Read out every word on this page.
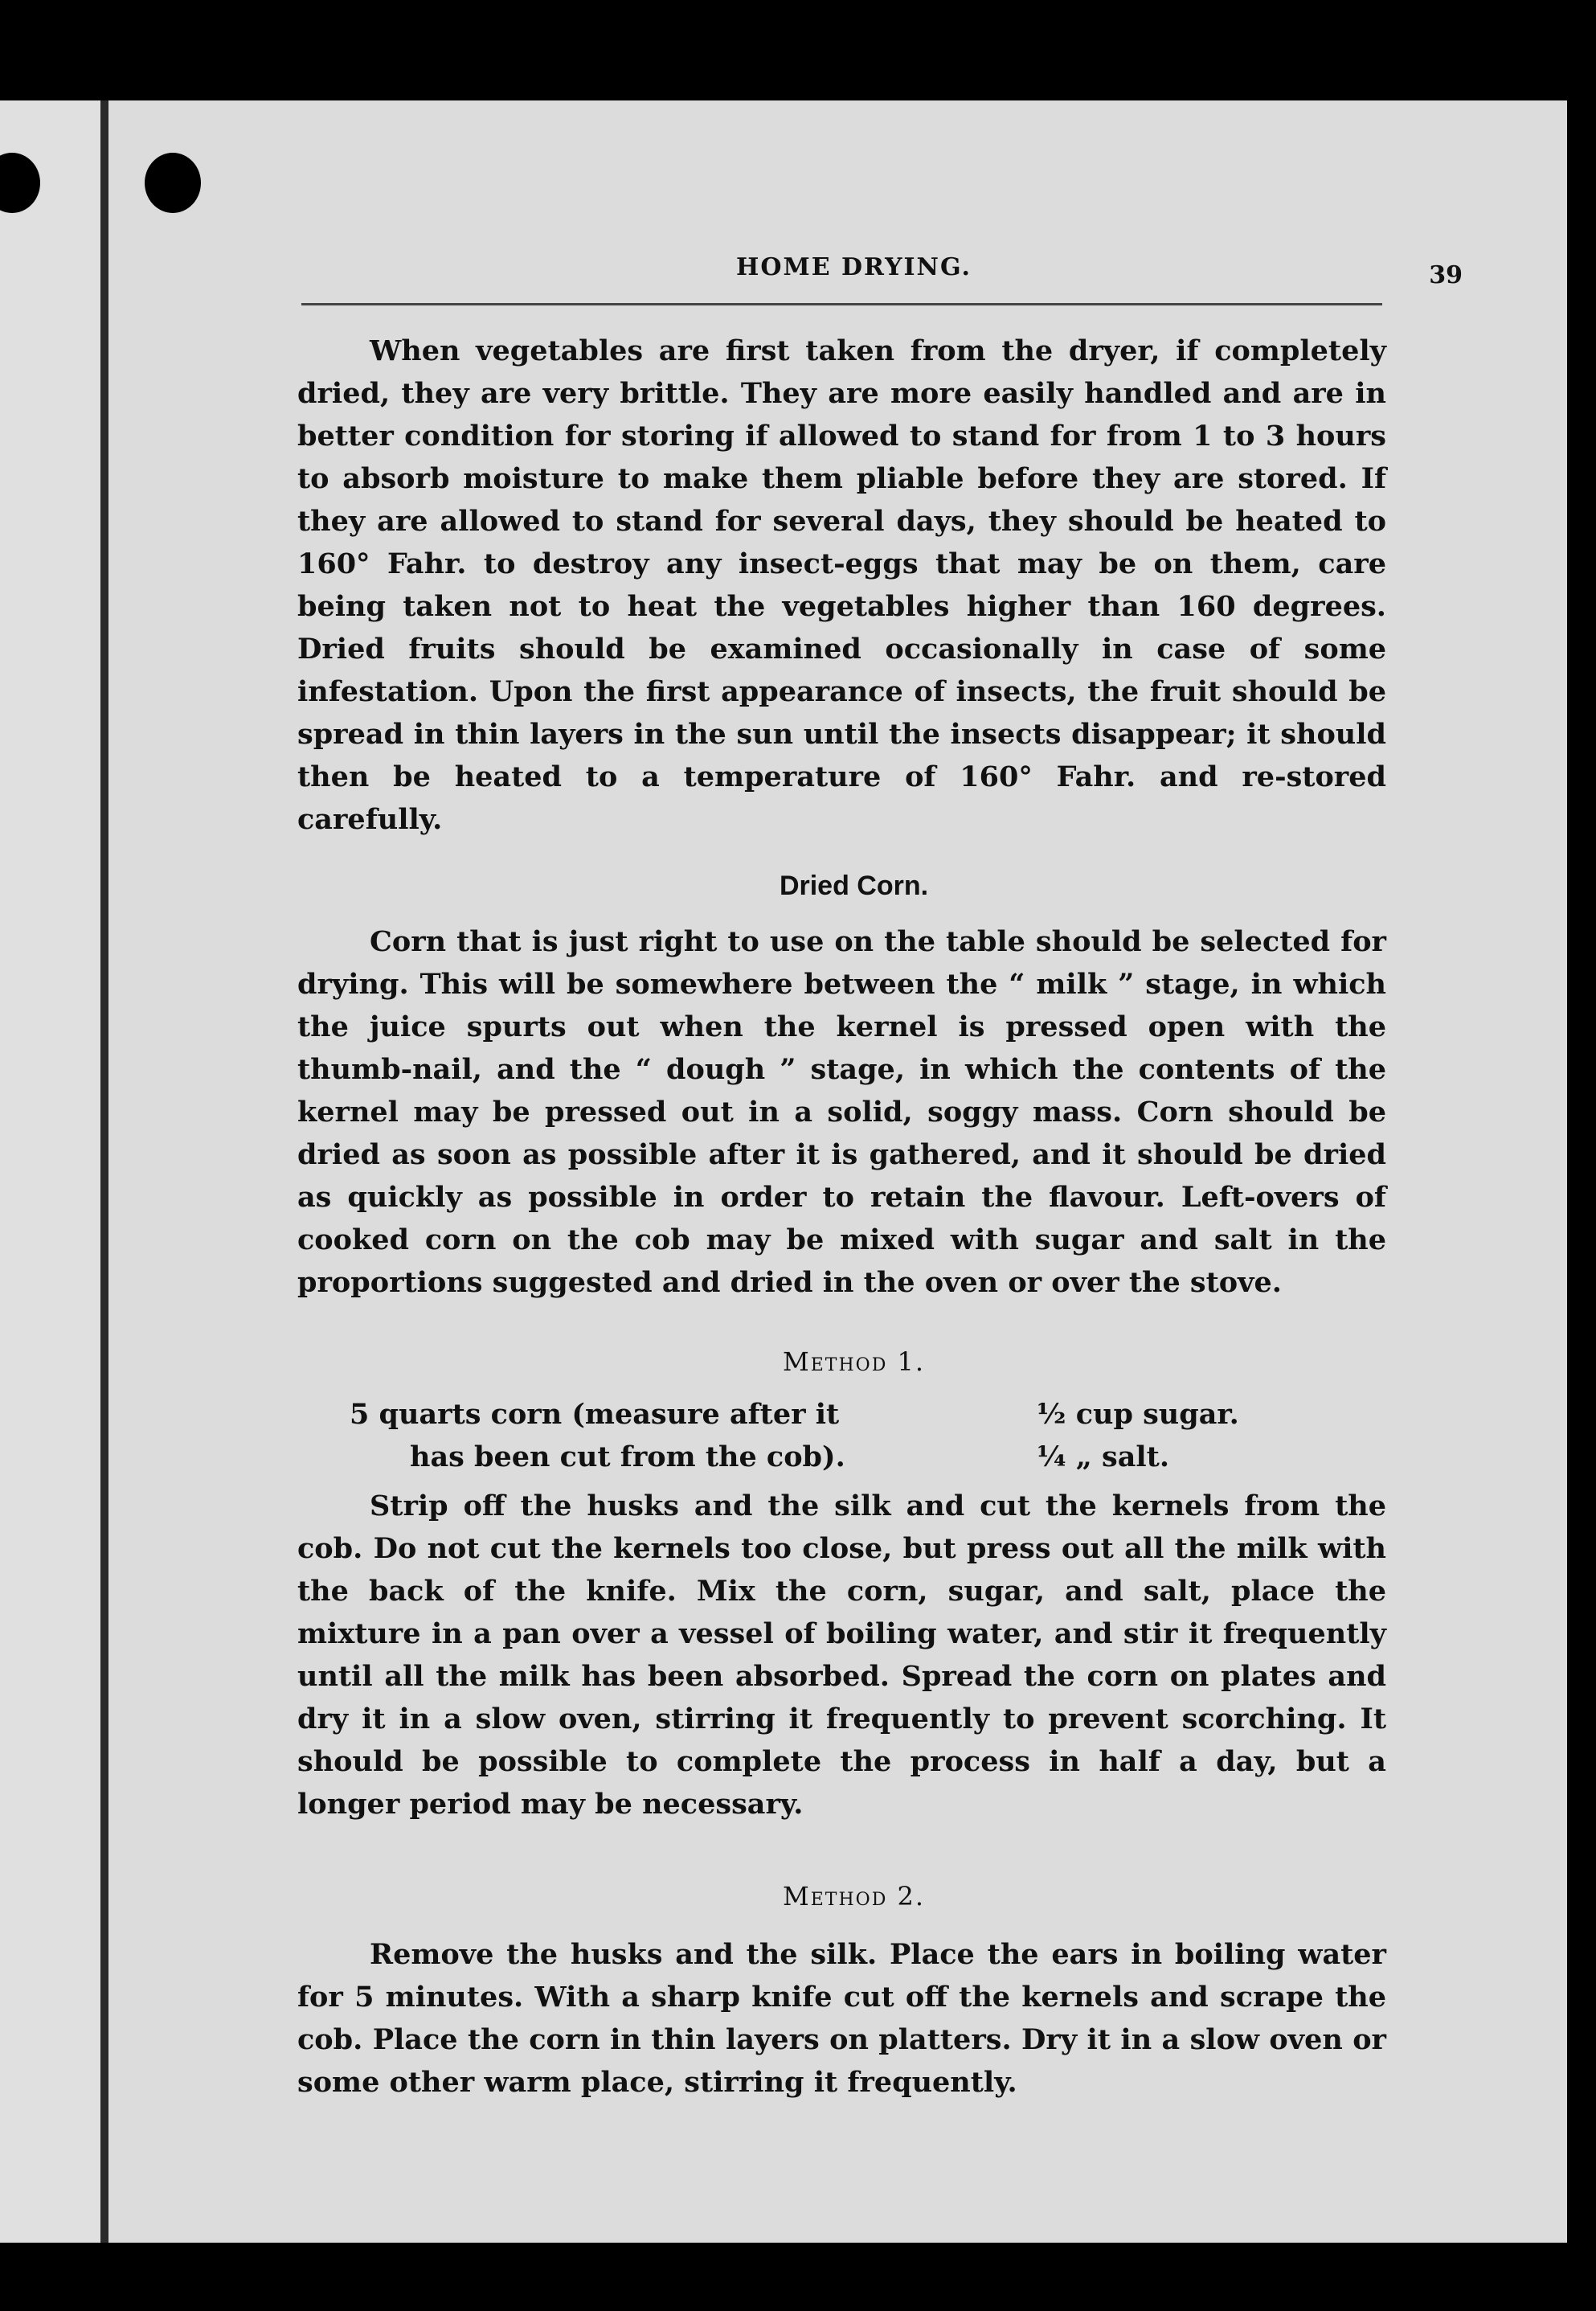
HOME DRYING.	39

When vegetables are first taken from the dryer, if completely dried, they are very brittle. They are more easily handled and are in better condition for storing if allowed to stand for from 1 to 3 hours to absorb moisture to make them pliable before they are stored. If they are allowed to stand for several days, they should be heated to 160° Fahr. to destroy any insect-eggs that may be on them, care being taken not to heat the vegetables higher than 160 degrees. Dried fruits should be examined occasionally in case of some infestation. Upon the first appearance of insects, the fruit should be spread in thin layers in the sun until the insects disappear; it should then be heated to a temperature of 160° Fahr. and re-stored carefully.

Dried Corn.

Corn that is just right to use on the table should be selected for drying. This will be somewhere between the “ milk ” stage, in which the juice spurts out when the kernel is pressed open with the thumb-nail, and the “ dough ” stage, in which the contents of the kernel may be pressed out in a solid, soggy mass. Corn should be dried as soon as possible after it is gathered, and it should be dried as quickly as possible in order to retain the flavour. Left-overs of cooked corn on the cob may be mixed with sugar and salt in the proportions suggested and dried in the oven or over the stove.

Method 1.
5 quarts corn (measure after it
has been cut from the cob).
½ cup sugar.
¼ „ salt.

Strip off the husks and the silk and cut the kernels from the cob. Do not cut the kernels too close, but press out all the milk with the back of the knife. Mix the corn, sugar, and salt, place the mixture in a pan over a vessel of boiling water, and stir it frequently until all the milk has been absorbed. Spread the corn on plates and dry it in a slow oven, stirring it frequently to prevent scorching. It should be possible to complete the process in half a day, but a longer period may be necessary.

Method 2.

Remove the husks and the silk. Place the ears in boiling water for 5 minutes. With a sharp knife cut off the kernels and scrape the cob. Place the corn in thin layers on platters. Dry it in a slow oven or some other warm place, stirring it frequently.
